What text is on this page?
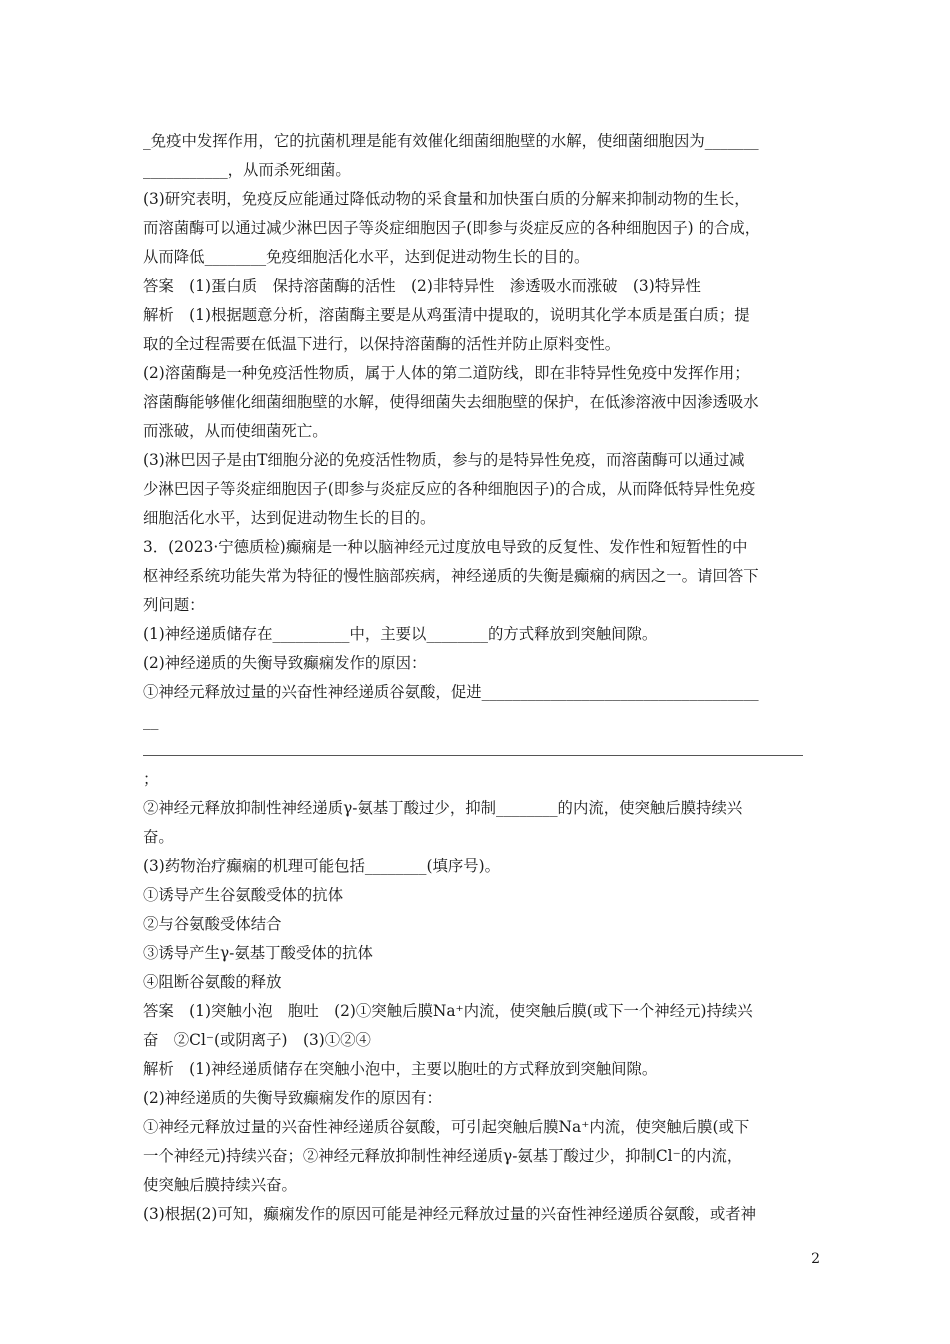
_免疫中发挥作用，它的抗菌机理是能有效催化细菌细胞壁的水解，使细菌细胞因为_______
___________，从而杀死细菌。
(3)研究表明，免疫反应能通过降低动物的采食量和加快蛋白质的分解来抑制动物的生长，
而溶菌酶可以通过减少淋巴因子等炎症细胞因子(即参与炎症反应的各种细胞因子) 的合成，
从而降低________免疫细胞活化水平，达到促进动物生长的目的。
答案　(1)蛋白质　保持溶菌酶的活性　(2)非特异性　渗透吸水而涨破　(3)特异性
解析　(1)根据题意分析，溶菌酶主要是从鸡蛋清中提取的，说明其化学本质是蛋白质；提
取的全过程需要在低温下进行，以保持溶菌酶的活性并防止原料变性。
(2)溶菌酶是一种免疫活性物质，属于人体的第二道防线，即在非特异性免疫中发挥作用；
溶菌酶能够催化细菌细胞壁的水解，使得细菌失去细胞壁的保护，在低渗溶液中因渗透吸水
而涨破，从而使细菌死亡。
(3)淋巴因子是由T细胞分泌的免疫活性物质，参与的是特异性免疫，而溶菌酶可以通过减
少淋巴因子等炎症细胞因子(即参与炎症反应的各种细胞因子)的合成，从而降低特异性免疫
细胞活化水平，达到促进动物生长的目的。
3．(2023·宁德质检)癫痫是一种以脑神经元过度放电导致的反复性、发作性和短暂性的中
枢神经系统功能失常为特征的慢性脑部疾病，神经递质的失衡是癫痫的病因之一。请回答下
列问题：
(1)神经递质储存在__________中，主要以________的方式释放到突触间隙。
(2)神经递质的失衡导致癫痫发作的原因：
①神经元释放过量的兴奋性神经递质谷氨酸，促进____________________________________
__
；
②神经元释放抑制性神经递质γ-氨基丁酸过少，抑制________的内流，使突触后膜持续兴
奋。
(3)药物治疗癫痫的机理可能包括________(填序号)。
①诱导产生谷氨酸受体的抗体
②与谷氨酸受体结合
③诱导产生γ-氨基丁酸受体的抗体
④阻断谷氨酸的释放
答案　(1)突触小泡　胞吐　(2)①突触后膜Na⁺内流，使突触后膜(或下一个神经元)持续兴
奋　②Cl⁻(或阴离子)　(3)①②④
解析　(1)神经递质储存在突触小泡中，主要以胞吐的方式释放到突触间隙。
(2)神经递质的失衡导致癫痫发作的原因有：
①神经元释放过量的兴奋性神经递质谷氨酸，可引起突触后膜Na⁺内流，使突触后膜(或下
一个神经元)持续兴奋；②神经元释放抑制性神经递质γ-氨基丁酸过少，抑制Cl⁻的内流，
使突触后膜持续兴奋。
(3)根据(2)可知，癫痫发作的原因可能是神经元释放过量的兴奋性神经递质谷氨酸，或者神
2
